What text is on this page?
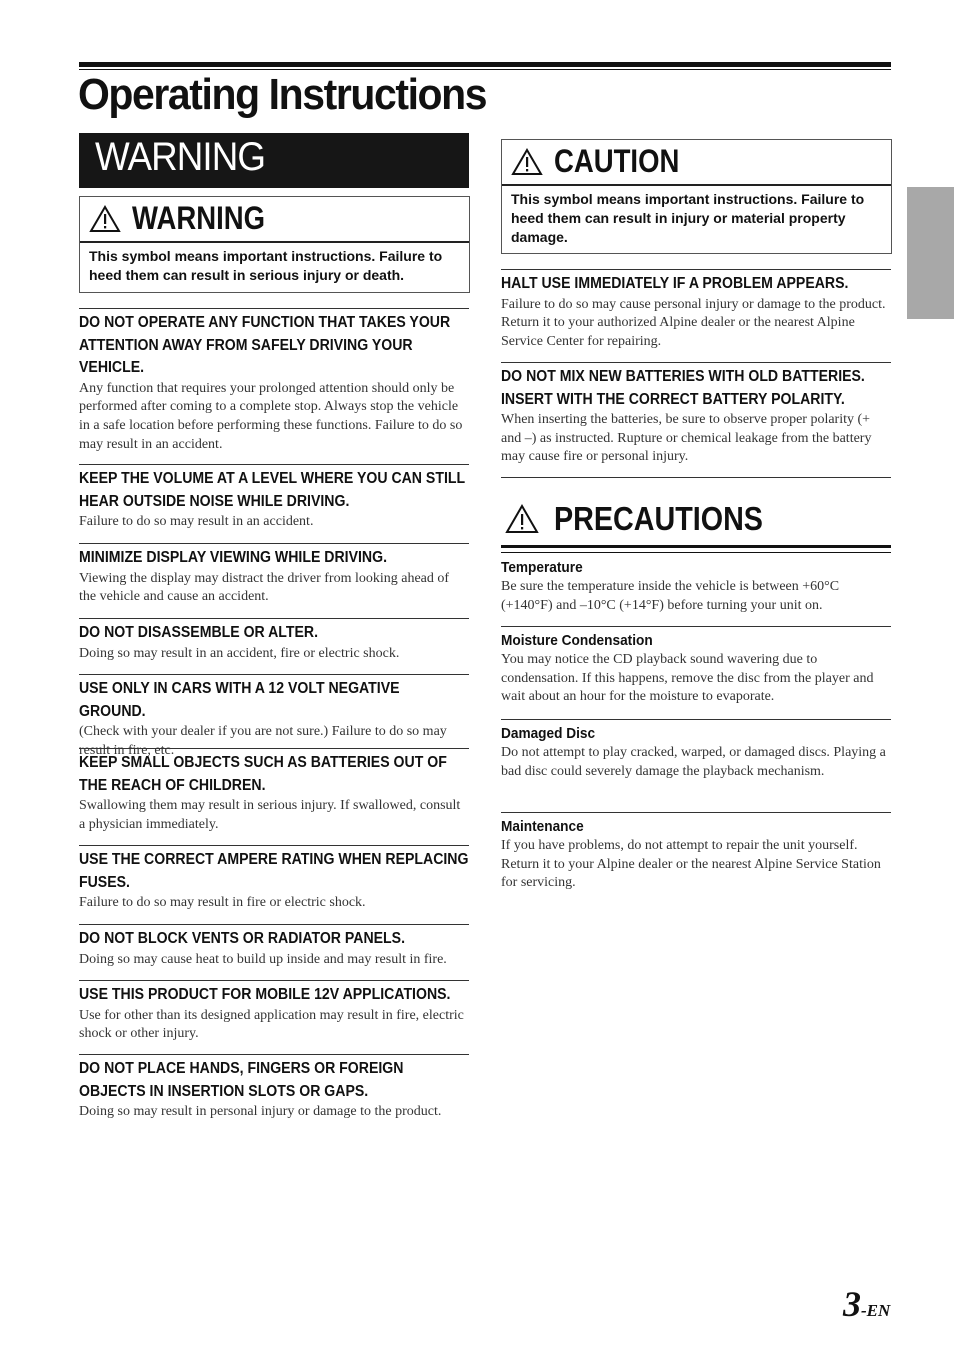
Operating Instructions
WARNING
WARNING
This symbol means important instructions. Failure to heed them can result in serious injury or death.
DO NOT OPERATE ANY FUNCTION THAT TAKES YOUR ATTENTION AWAY FROM SAFELY DRIVING YOUR VEHICLE.

Any function that requires your prolonged attention should only be performed after coming to a complete stop. Always stop the vehicle in a safe location before performing these functions. Failure to do so may result in an accident.

KEEP THE VOLUME AT A LEVEL WHERE YOU CAN STILL HEAR OUTSIDE NOISE WHILE DRIVING.

Failure to do so may result in an accident.

MINIMIZE DISPLAY VIEWING WHILE DRIVING.

Viewing the display may distract the driver from looking ahead of the vehicle and cause an accident.

DO NOT DISASSEMBLE OR ALTER.

Doing so may result in an accident, fire or electric shock.

USE ONLY IN CARS WITH A 12 VOLT NEGATIVE GROUND.

(Check with your dealer if you are not sure.) Failure to do so may result in fire, etc.

KEEP SMALL OBJECTS SUCH AS BATTERIES OUT OF THE REACH OF CHILDREN.

Swallowing them may result in serious injury. If swallowed, consult a physician immediately.

USE THE CORRECT AMPERE RATING WHEN REPLACING FUSES.

Failure to do so may result in fire or electric shock.

DO NOT BLOCK VENTS OR RADIATOR PANELS.

Doing so may cause heat to build up inside and may result in fire.

USE THIS PRODUCT FOR MOBILE 12V APPLICATIONS.

Use for other than its designed application may result in fire, electric shock or other injury.

DO NOT PLACE HANDS, FINGERS OR FOREIGN OBJECTS IN INSERTION SLOTS OR GAPS.

Doing so may result in personal injury or damage to the product.

CAUTION
This symbol means important instructions. Failure to heed them can result in injury or material property damage.
HALT USE IMMEDIATELY IF A PROBLEM APPEARS.

Failure to do so may cause personal injury or damage to the product. Return it to your authorized Alpine dealer or the nearest Alpine Service Center for repairing.

DO NOT MIX NEW BATTERIES WITH OLD BATTERIES. INSERT WITH THE CORRECT BATTERY POLARITY.

When inserting the batteries, be sure to observe proper polarity (+ and –) as instructed. Rupture or chemical leakage from the battery may cause fire or personal injury.

PRECAUTIONS
Temperature

Be sure the temperature inside the vehicle is between +60°C (+140°F) and –10°C (+14°F) before turning your unit on.

Moisture Condensation

You may notice the CD playback sound wavering due to condensation. If this happens, remove the disc from the player and wait about an hour for the moisture to evaporate.

Damaged Disc

Do not attempt to play cracked, warped, or damaged discs. Playing a bad disc could severely damage the playback mechanism.

Maintenance

If you have problems, do not attempt to repair the unit yourself. Return it to your Alpine dealer or the nearest Alpine Service Station for servicing.

3-EN
